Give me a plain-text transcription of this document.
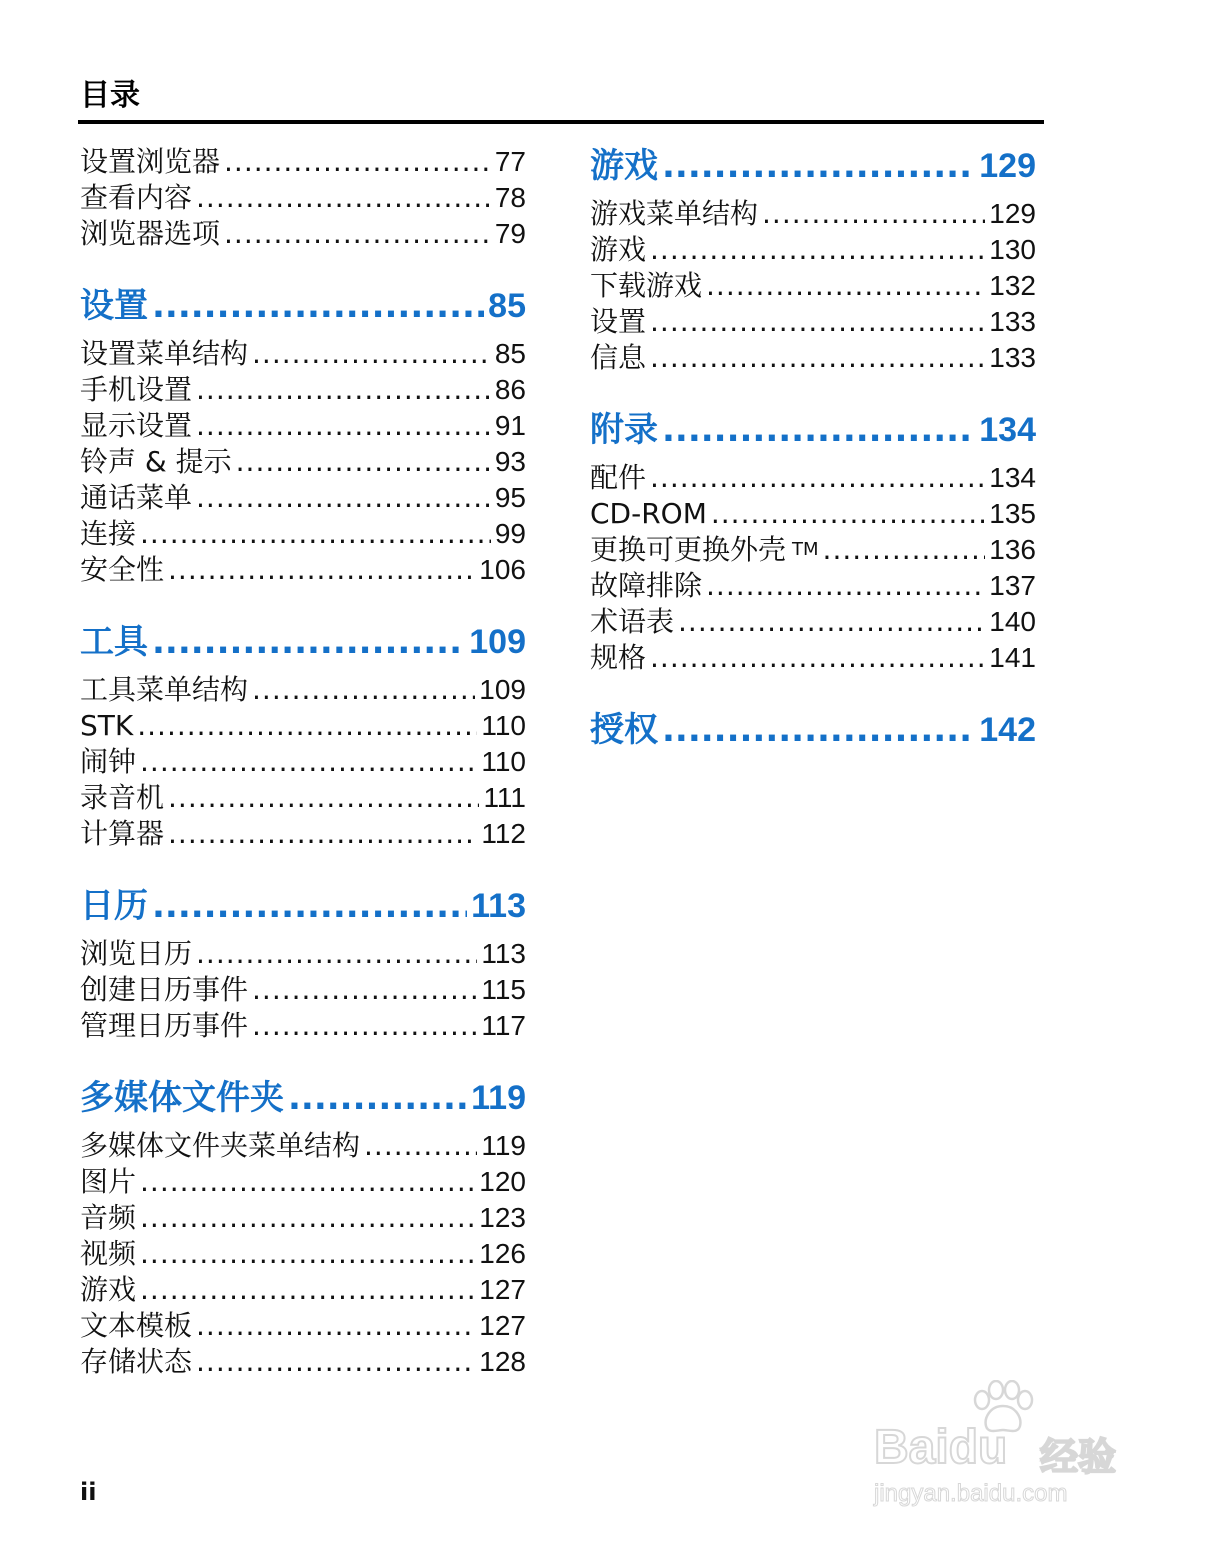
目录
设置浏览器 .....	77
查看内容 .....	78
浏览器选项 .....	79
设置 .....	85
设置菜单结构 .....	85
手机设置 .....	86
显示设置 .....	91
铃声 & 提示 .....	93
通话菜单 .....	95
连接 .....	99
安全性 .....	106
工具 .....	109
工具菜单结构 .....	109
STK .....	110
闹钟 .....	110
录音机 .....	111
计算器 .....	112
日历 .....	113
浏览日历 .....	113
创建日历事件 .....	115
管理日历事件 .....	117
多媒体文件夹 .....	119
多媒体文件夹菜单结构 .....	119
图片 .....	120
音频 .....	123
视频 .....	126
游戏 .....	127
文本模板 .....	127
存储状态 .....	128
游戏 .....	129
游戏菜单结构 .....	129
游戏 .....	130
下载游戏 .....	132
设置 .....	133
信息 .....	133
附录 .....	134
配件 .....	134
CD-ROM .....	135
更换可更换外壳 TM .....	136
故障排除 .....	137
术语表 .....	140
规格 .....	141
授权 .....	142
ii
Baidu 经验
jingyan.baidu.com
